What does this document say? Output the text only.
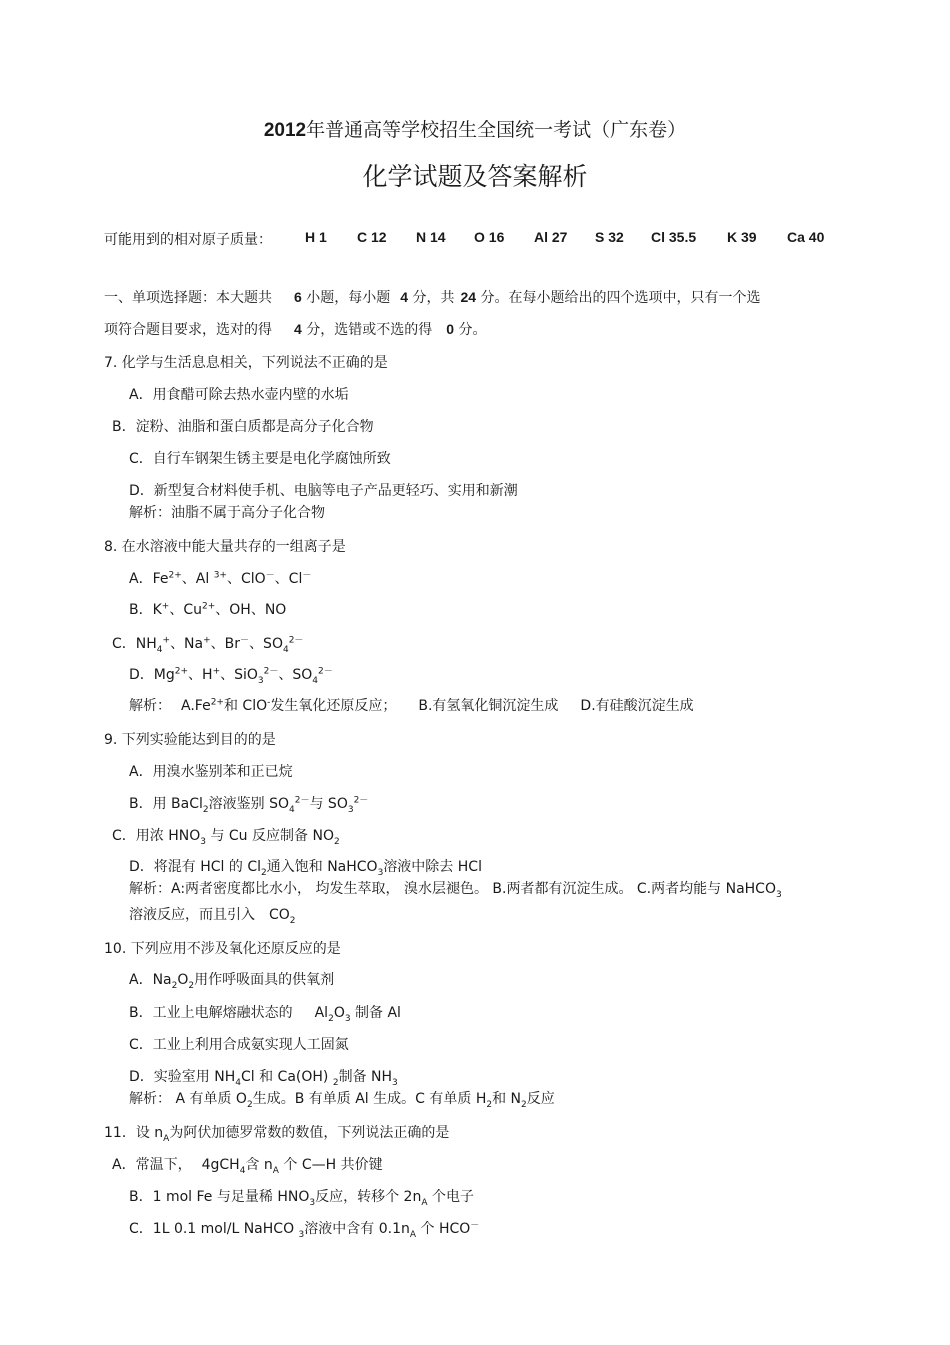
2012年普通高等学校招生全国统一考试（广东卷）
化学试题及答案解析
可能用到的相对原子质量： H 1 C 12 N 14 O 16 Al 27 S 32 Cl 35.5 K 39 Ca 40
一、单项选择题：本大题共 6 小题，每小题 4 分，共 24 分。在每小题给出的四个选项中，只有一个选
项符合题目要求，选对的得 4 分，选错或不选的得 0 分。
7. 化学与生活息息相关，下列说法不正确的是
A．用食醋可除去热水壶内壁的水垢
B．淀粉、油脂和蛋白质都是高分子化合物
C．自行车钢架生锈主要是电化学腐蚀所致
D．新型复合材料使手机、电脑等电子产品更轻巧、实用和新潮
解析：油脂不属于高分子化合物
8. 在水溶液中能大量共存的一组离子是
A．$Fe^{2+}$、Al $^{3+}$、ClO－、Cl－
B．K+、$Cu^{2+}$、OH、NO
C．$NH_4^+$、Na+、Br－、$SO_4^{2-}$
D．$Mg^{2+}$、H+、SiO$_3^{2-}$、$SO_4^{2-}$
解析： $A.Fe^{2+}$和 ClO-发生氧化还原反应； B.有氢氧化铜沉淀生成 D.有硅酸沉淀生成
9. 下列实验能达到目的的是
A．用溴水鉴别苯和正已烷
B．用 BaCl$_2$溶液鉴别 $SO_4^{2-}$与 $SO_3^{2-}$
C．用浓 $HNO_3$ 与 Cu 反应制备 $NO_2$
D．将混有 HCl 的 $Cl_2$通入饱和 NaHCO$_3$溶液中除去 HCl
解析：A:两者密度都比水小， 均发生萃取， 溴水层褪色。 B.两者都有沉淀生成。 C.两者均能与 NaHCO$_3$
溶液反应，而且引入 $CO_2$
10. 下列应用不涉及氧化还原反应的是
A．$Na_2O_2$用作呼吸面具的供氧剂
B．工业上电解熔融状态的 $Al_2O_3$ 制备 Al
C．工业上利用合成氨实现人工固氮
D．实验室用 $NH_4Cl$ 和 Ca(OH) $_2$制备 $NH_3$
解析： A 有单质 $O_2$生成。B 有单质 Al 生成。C 有单质 $H_2$和 $N_2$反应
11．设 $n_A$为阿伏加德罗常数的数值，下列说法正确的是
A．常温下， 4gCH$_4$含 $n_A$ 个 C—H 共价键
B．1 mol Fe 与足量稀 $HNO_3$反应，转移个 $2n_A$ 个电子
C．1L 0.1 mol/L NaHCO $_3$溶液中含有 $0.1n_A$ 个 HCO－
